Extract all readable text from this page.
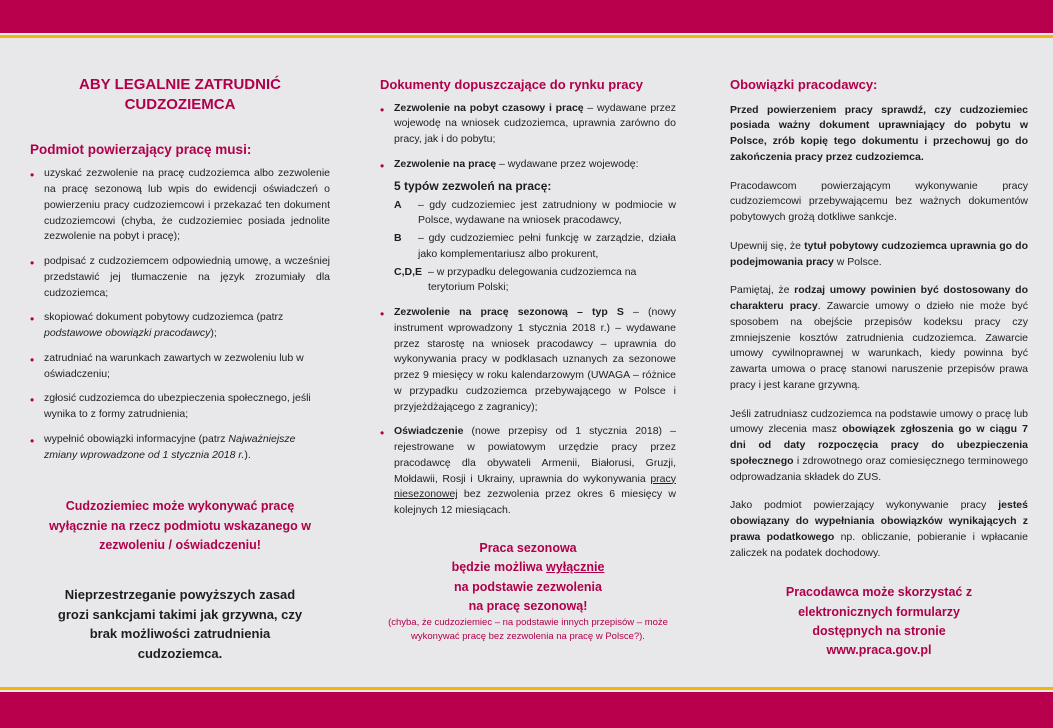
ABY LEGALNIE ZATRUDNIĆ CUDZOZIEMCA
Podmiot powierzający pracę musi:
• uzyskać zezwolenie na pracę cudzoziemca albo zezwolenie na pracę sezonową lub wpis do ewidencji oświadczeń o powierzeniu pracy cudzoziemcowi i przekazać ten dokument cudzoziemcowi (chyba, że cudzoziemiec posiada jednolite zezwolenie na pobyt i pracę);
• podpisać z cudzoziemcem odpowiednią umowę, a wcześniej przedstawić jej tłumaczenie na język zrozumiały dla cudzoziemca;
• skopiować dokument pobytowy cudzoziemca (patrz podstawowe obowiązki pracodawcy);
• zatrudniać na warunkach zawartych w zezwoleniu lub w oświadczeniu;
• zgłosić cudzoziemca do ubezpieczenia społecznego, jeśli wynika to z formy zatrudnienia;
• wypełnić obowiązki informacyjne (patrz Najważniejsze zmiany wprowadzone od 1 stycznia 2018 r.).
Cudzoziemiec może wykonywać pracę wyłącznie na rzecz podmiotu wskazanego w zezwoleniu / oświadczeniu!
Nieprzestrzeganie powyższych zasad grozi sankcjami takimi jak grzywna, czy brak możliwości zatrudnienia cudzoziemca.
Dokumenty dopuszczające do rynku pracy
• Zezwolenie na pobyt czasowy i pracę – wydawane przez wojewodę na wniosek cudzoziemca, uprawnia zarówno do pracy, jak i do pobytu;
• Zezwolenie na pracę – wydawane przez wojewodę:
5 typów zezwoleń na pracę:
A	– gdy cudzoziemiec jest zatrudniony w podmiocie w Polsce, wydawane na wniosek pracodawcy,
B	– gdy cudzoziemiec pełni funkcję w zarządzie, działa jako komplementariusz albo prokurent,
C,D,E – w przypadku delegowania cudzoziemca na terytorium Polski;
• Zezwolenie na pracę sezonową – typ S – (nowy instrument wprowadzony 1 stycznia 2018 r.) – wydawane przez starostę na wniosek pracodawcy – uprawnia do wykonywania pracy w podklasach uznanych za sezonowe przez 9 miesięcy w roku kalendarzowym (UWAGA – różnice w przypadku cudzoziemca przebywającego w Polsce i przyjeżdżającego z zagranicy);
• Oświadczenie (nowe przepisy od 1 stycznia 2018) – rejestrowane w powiatowym urzędzie pracy przez pracodawcę dla obywateli Armenii, Białorusi, Gruzji, Mołdawii, Rosji i Ukrainy, uprawnia do wykonywania pracy niesezonowej bez zezwolenia przez okres 6 miesięcy w kolejnych 12 miesiącach.
Praca sezonowa
będzie możliwa wyłącznie
na podstawie zezwolenia
na pracę sezonową!
(chyba, że cudzoziemiec – na podstawie innych przepisów – może wykonywać pracę bez zezwolenia na pracę w Polsce?).
Obowiązki pracodawcy:

Przed powierzeniem pracy sprawdź, czy cudzoziemiec posiada ważny dokument uprawniający do pobytu w Polsce, zrób kopię tego dokumentu i przechowuj go do zakończenia pracy przez cudzoziemca.

Pracodawcom powierzającym wykonywanie pracy cudzoziemcowi przebywającemu bez ważnych dokumentów pobytowych grożą dotkliwe sankcje.

Upewnij się, że tytuł pobytowy cudzoziemca uprawnia go do podejmowania pracy w Polsce.

Pamiętaj, że rodzaj umowy powinien być dostosowany do charakteru pracy. Zawarcie umowy o dzieło nie może być sposobem na obejście przepisów kodeksu pracy czy zmniejszenie kosztów zatrudnienia cudzoziemca. Zawarcie umowy cywilnoprawnej w warunkach, kiedy powinna być zawarta umowa o pracę stanowi naruszenie przepisów prawa pracy i jest karane grzywną.

Jeśli zatrudniasz cudzoziemca na podstawie umowy o pracę lub umowy zlecenia masz obowiązek zgłoszenia go w ciągu 7 dni od daty rozpoczęcia pracy do ubezpieczenia społecznego i zdrowotnego oraz comiesięcznego terminowego odprowadzania składek do ZUS.

Jako podmiot powierzający wykonywanie pracy jesteś obowiązany do wypełniania obowiązków wynikających z prawa podatkowego np. obliczanie, pobieranie i wpłacanie zaliczek na podatek dochodowy.

Pracodawca może skorzystać z elektronicznych formularzy dostępnych na stronie
www.praca.gov.pl
